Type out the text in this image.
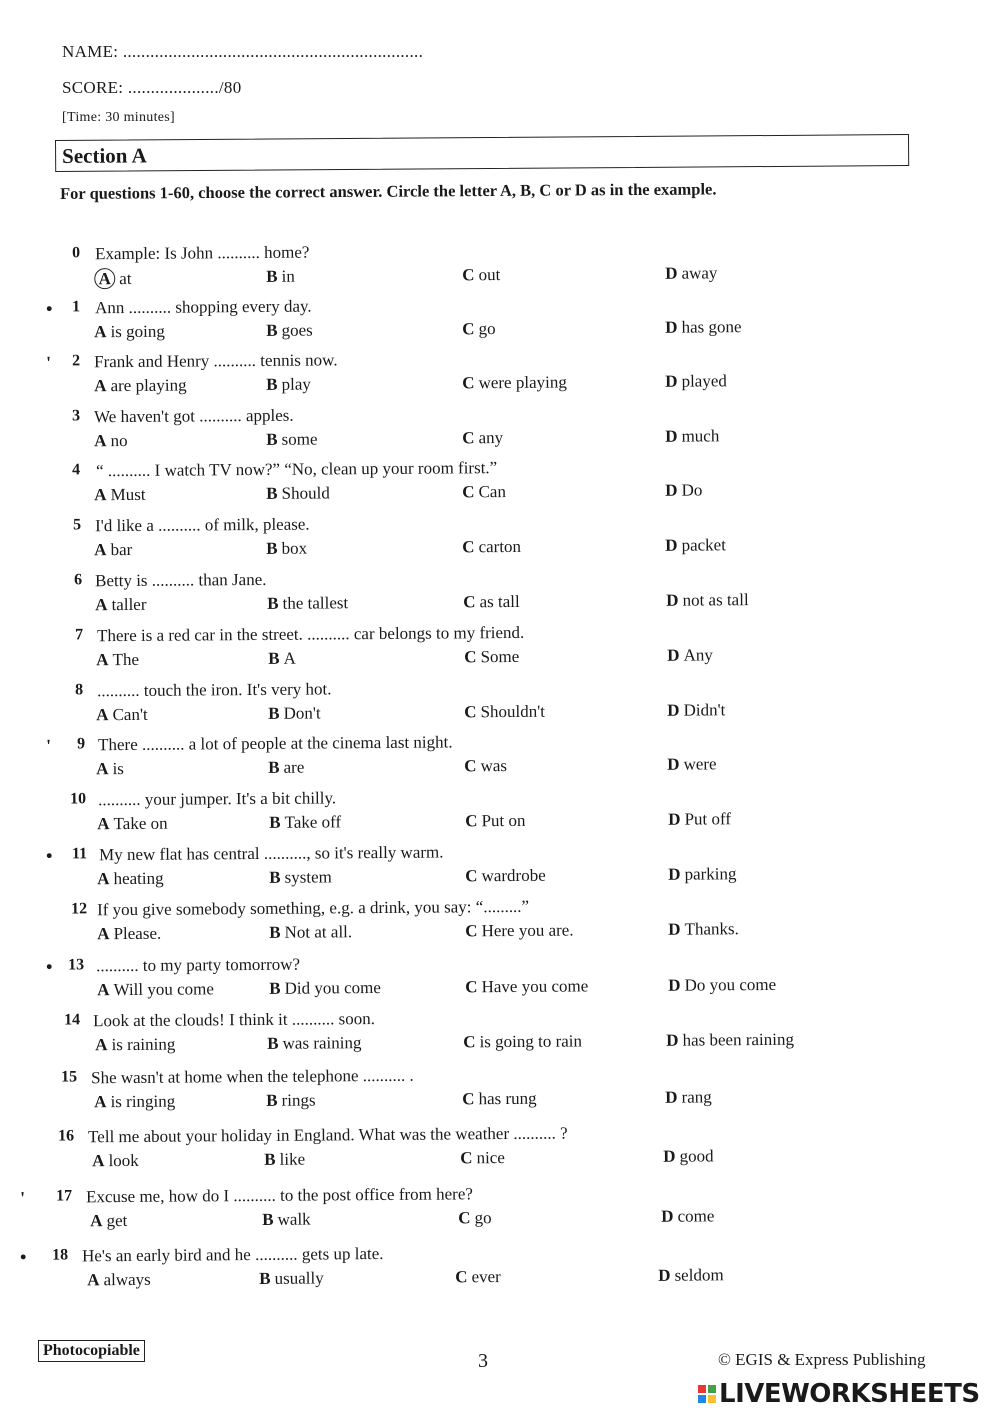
NAME: ..................................................................
SCORE: ..................../80
[Time: 30 minutes]
Section A
For questions 1-60, choose the correct answer. Circle the letter A, B, C or D as in the example.
0 Example: Is John .......... home?
A at	B in	C out	D away
•	1 Ann .......... shopping every day.
A is going	B goes	C go	D has gone
'	2 Frank and Henry .......... tennis now.
A are playing	B play	C were playing	D played
3 We haven't got .......... apples.
A no	B some	C any	D much
4 “ .......... I watch TV now?” “No, clean up your room first.”
A Must	B Should	C Can	D Do
5 I'd like a .......... of milk, please.
A bar	B box	C carton	D packet
6 Betty is .......... than Jane.
A taller	B the tallest	C as tall	D not as tall
7 There is a red car in the street. .......... car belongs to my friend.
A The	B A	C Some	D Any
8 .......... touch the iron. It's very hot.
A Can't	B Don't	C Shouldn't	D Didn't
'	9 There .......... a lot of people at the cinema last night.
A is	B are	C was	D were
10 .......... your jumper. It's a bit chilly.
A Take on	B Take off	C Put on	D Put off
•	11 My new flat has central .........., so it's really warm.
A heating	B system	C wardrobe	D parking
12 If you give somebody something, e.g. a drink, you say: “.........”
A Please.	B Not at all.	C Here you are.	D Thanks.
• 13 .......... to my party tomorrow?
A Will you come	B Did you come	C Have you come	D Do you come
14 Look at the clouds! I think it .......... soon.
A is raining	B was raining	C is going to rain	D has been raining
15 She wasn't at home when the telephone .......... .
A is ringing	B rings	C has rung	D rang
16 Tell me about your holiday in England. What was the weather .......... ?
A look	B like	C nice	D good
'	17 Excuse me, how do I .......... to the post office from here?
A get	B walk	C go	D come
•	18 He's an early bird and he .......... gets up late.
A always	B usually	C ever	D seldom
Photocopiable	3	© EGIS & Express Publishing
LIVEWORKSHEETS
